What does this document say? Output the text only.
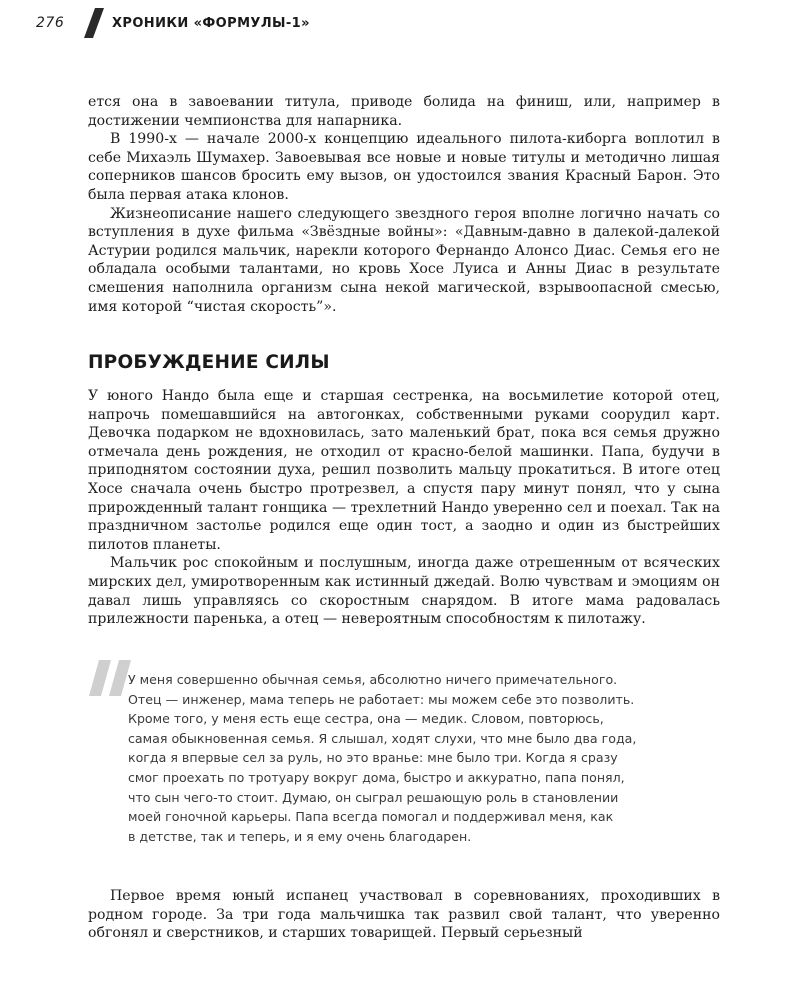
276	ХРОНИКИ «ФОРМУЛЫ-1»

ется она в завоевании титула, приводе болида на финиш, или, например в достижении чемпионства для напарника.

В 1990-х — начале 2000-х концепцию идеального пилота-киборга воплотил в себе Михаэль Шумахер. Завоевывая все новые и новые титулы и методично лишая соперников шансов бросить ему вызов, он удостоился звания Красный Барон. Это была первая атака клонов.

Жизнеописание нашего следующего звездного героя вполне логично начать со вступления в духе фильма «Звёздные войны»: «Давным-давно в далекой-далекой Астурии родился мальчик, нарекли которого Фернандо Алонсо Диас. Семья его не обладала особыми талантами, но кровь Хосе Луиса и Анны Диас в результате смешения наполнила организм сына некой магической, взрывоопасной смесью, имя которой “чистая скорость”».

ПРОБУЖДЕНИЕ СИЛЫ

У юного Нандо была еще и старшая сестренка, на восьмилетие которой отец, напрочь помешавшийся на автогонках, собственными руками соорудил карт. Девочка подарком не вдохновилась, зато маленький брат, пока вся семья дружно отмечала день рождения, не отходил от красно-белой машинки. Папа, будучи в приподнятом состоянии духа, решил позволить мальцу прокатиться. В итоге отец Хосе сначала очень быстро протрезвел, а спустя пару минут понял, что у сына прирожденный талант гонщика — трехлетний Нандо уверенно сел и поехал. Так на праздничном застолье родился еще один тост, а заодно и один из быстрейших пилотов планеты.

Мальчик рос спокойным и послушным, иногда даже отрешенным от всяческих мирских дел, умиротворенным как истинный джедай. Волю чувствам и эмоциям он давал лишь управляясь со скоростным снарядом. В итоге мама радовалась прилежности паренька, а отец — невероятным способностям к пилотажу.

У меня совершенно обычная семья, абсолютно ничего примечательного.
Отец — инженер, мама теперь не работает: мы можем себе это позволить.
Кроме того, у меня есть еще сестра, она — медик. Словом, повторюсь,
самая обыкновенная семья. Я слышал, ходят слухи, что мне было два года,
когда я впервые сел за руль, но это вранье: мне было три. Когда я сразу
смог проехать по тротуару вокруг дома, быстро и аккуратно, папа понял,
что сын чего-то стоит. Думаю, он сыграл решающую роль в становлении
моей гоночной карьеры. Папа всегда помогал и поддерживал меня, как
в детстве, так и теперь, и я ему очень благодарен.

Первое время юный испанец участвовал в соревнованиях, проходивших в родном городе. За три года мальчишка так развил свой талант, что уверенно обгонял и сверстников, и старших товарищей. Первый серьезный
